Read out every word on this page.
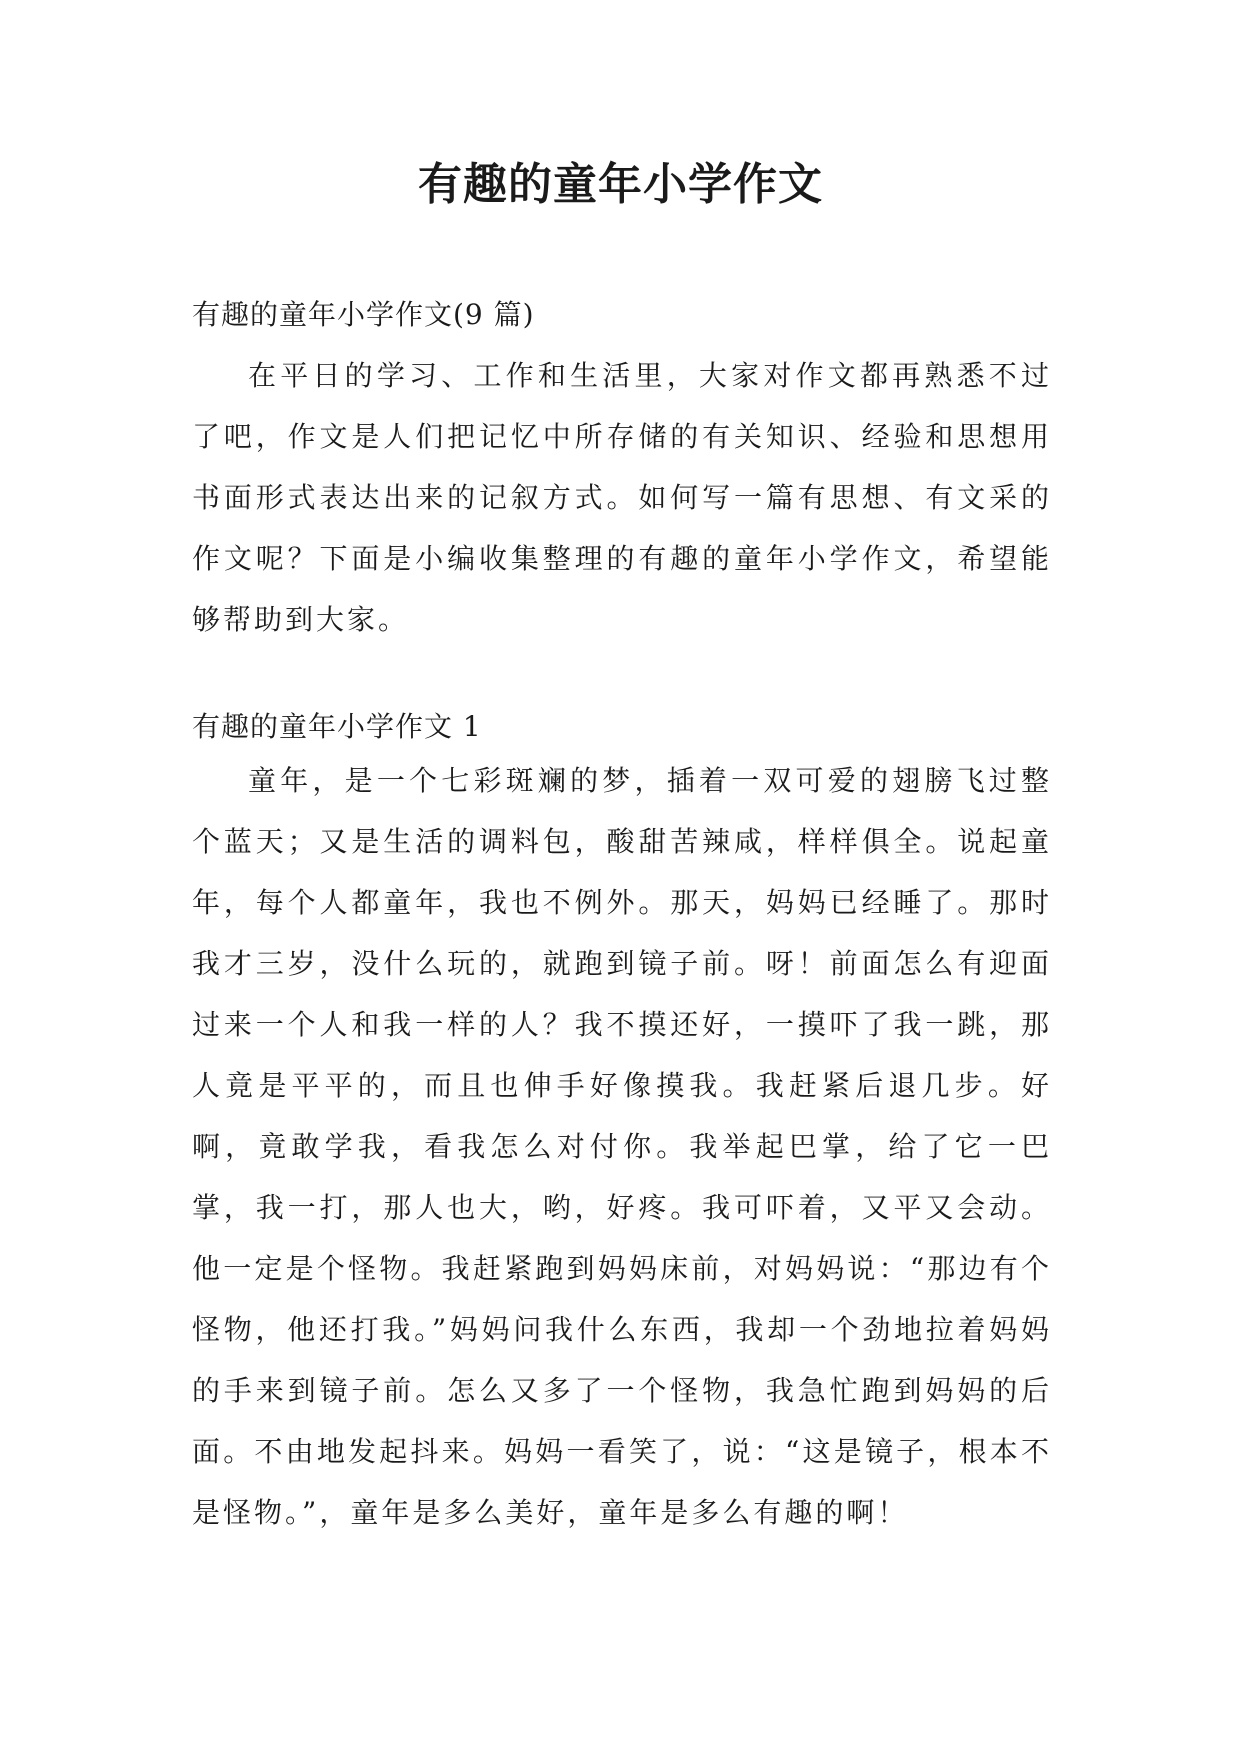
有趣的童年小学作文

有趣的童年小学作文(9 篇)

在平日的学习、工作和生活里，大家对作文都再熟悉不过了吧，作文是人们把记忆中所存储的有关知识、经验和思想用书面形式表达出来的记叙方式。如何写一篇有思想、有文采的作文呢？下面是小编收集整理的有趣的童年小学作文，希望能够帮助到大家。

有趣的童年小学作文 1

童年，是一个七彩斑斓的梦，插着一双可爱的翅膀飞过整个蓝天；又是生活的调料包，酸甜苦辣咸，样样俱全。说起童年，每个人都童年，我也不例外。那天，妈妈已经睡了。那时我才三岁，没什么玩的，就跑到镜子前。呀！前面怎么有迎面过来一个人和我一样的人？我不摸还好，一摸吓了我一跳，那人竟是平平的，而且也伸手好像摸我。我赶紧后退几步。好啊，竟敢学我，看我怎么对付你。我举起巴掌，给了它一巴掌，我一打，那人也大，哟，好疼。我可吓着，又平又会动。他一定是个怪物。我赶紧跑到妈妈床前，对妈妈说：“那边有个怪物，他还打我。”妈妈问我什么东西，我却一个劲地拉着妈妈的手来到镜子前。怎么又多了一个怪物，我急忙跑到妈妈的后面。不由地发起抖来。妈妈一看笑了，说：“这是镜子，根本不是怪物。”，童年是多么美好，童年是多么有趣的啊！
